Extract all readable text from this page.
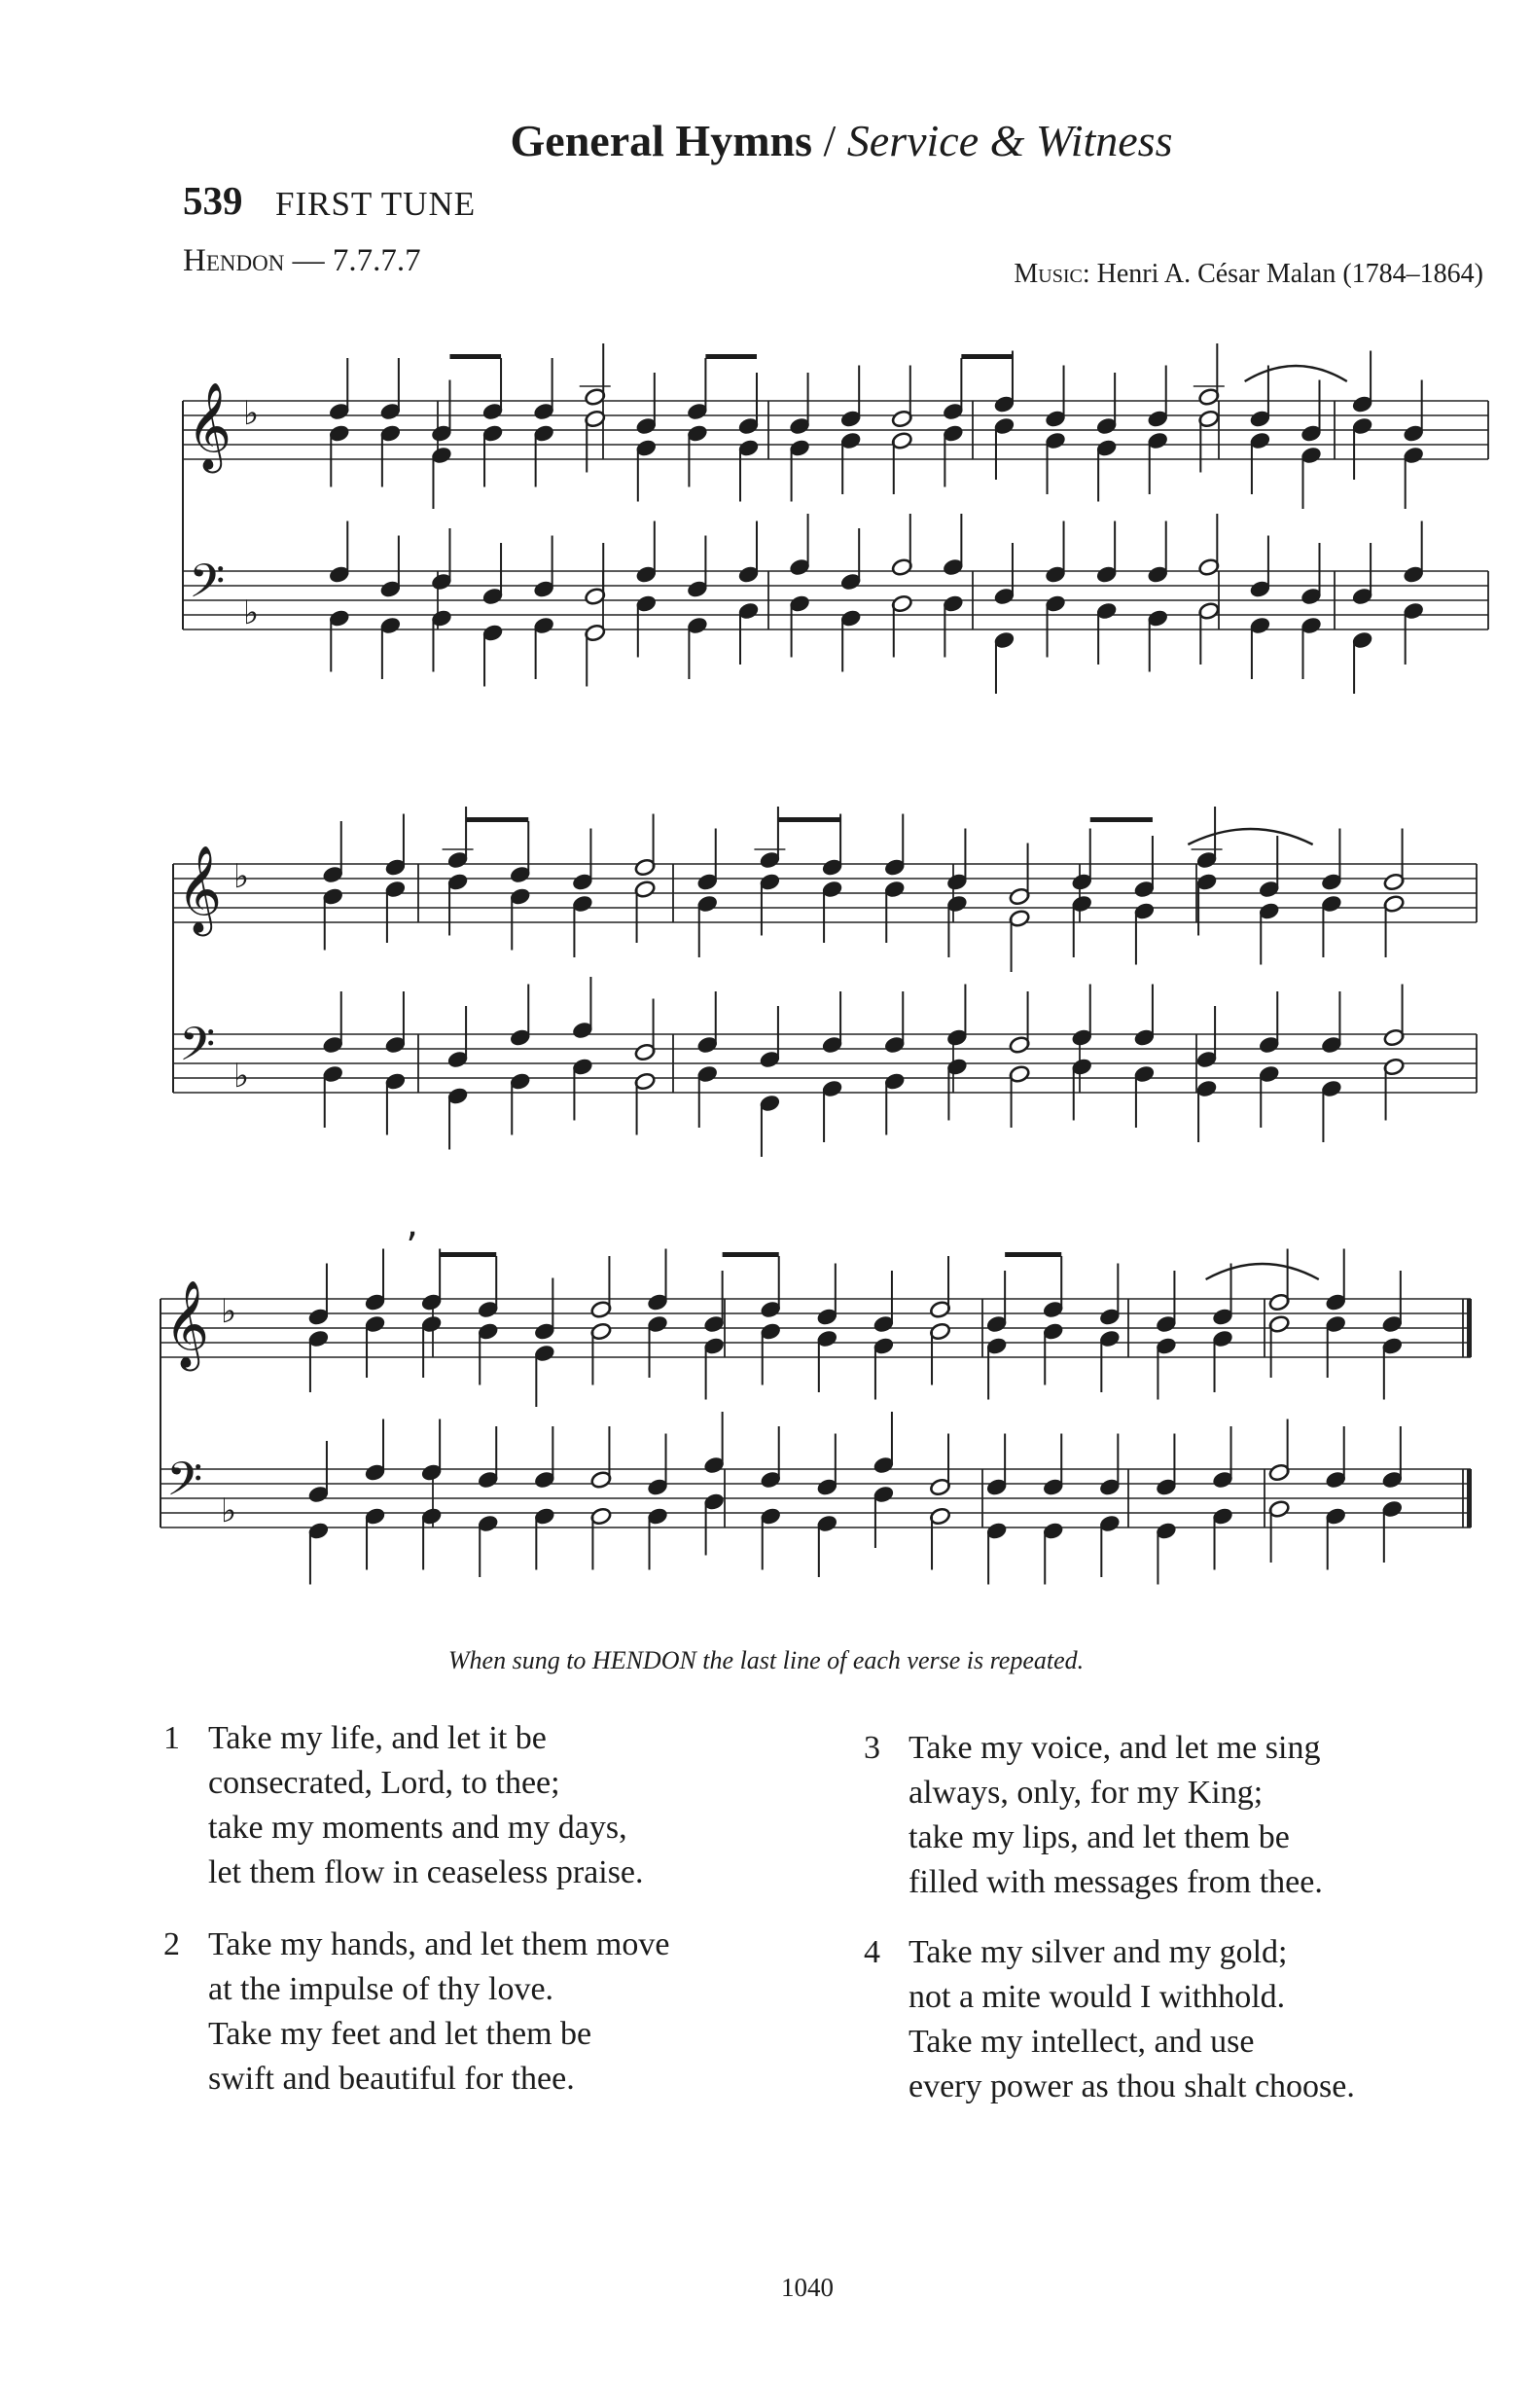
General Hymns / Service & Witness
539 FIRST TUNE
Hendon — 7.7.7.7	Music: Henri A. César Malan (1784–1864)
𝄞
𝄢
♭
♭
𝄞
𝄢
♭
♭
𝄞
𝄢
♭
♭
’
When sung to HENDON the last line of each verse is repeated.
1 Take my life, and let it be
consecrated, Lord, to thee;
take my moments and my days,
let them flow in ceaseless praise.
2 Take my hands, and let them move
at the impulse of thy love.
Take my feet and let them be
swift and beautiful for thee.
3 Take my voice, and let me sing
always, only, for my King;
take my lips, and let them be
filled with messages from thee.
4 Take my silver and my gold;
not a mite would I withhold.
Take my intellect, and use
every power as thou shalt choose.
1040
